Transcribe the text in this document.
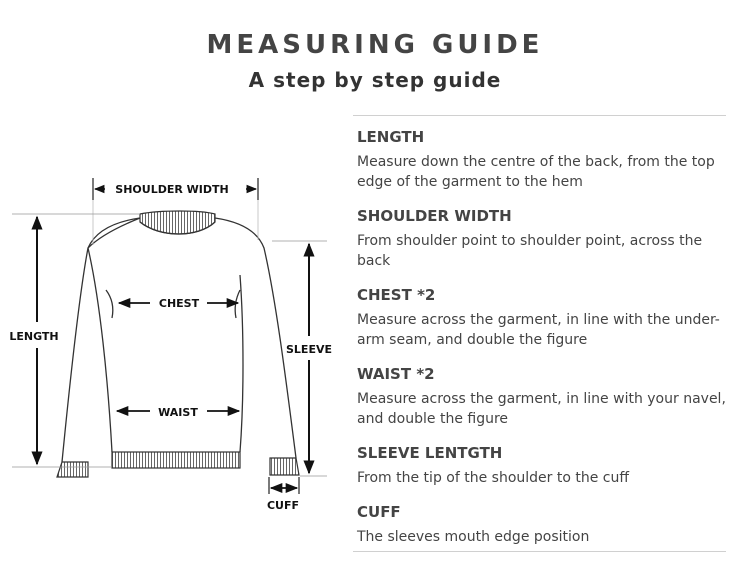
MEASURING GUIDE
A step by step guide
SHOULDER WIDTH
LENGTH
CHEST
WAIST
SLEEVE
CUFF
LENGTH
Measure down the centre of the back, from the top edge of the garment to the hem
SHOULDER WIDTH
From shoulder point to shoulder point, across the back
CHEST *2
Measure across the garment, in line with the under-arm seam, and double the figure
WAIST *2
Measure across the garment, in line with your navel, and double the figure
SLEEVE LENTGTH
From the tip of the shoulder to the cuff
CUFF
The sleeves mouth edge position
